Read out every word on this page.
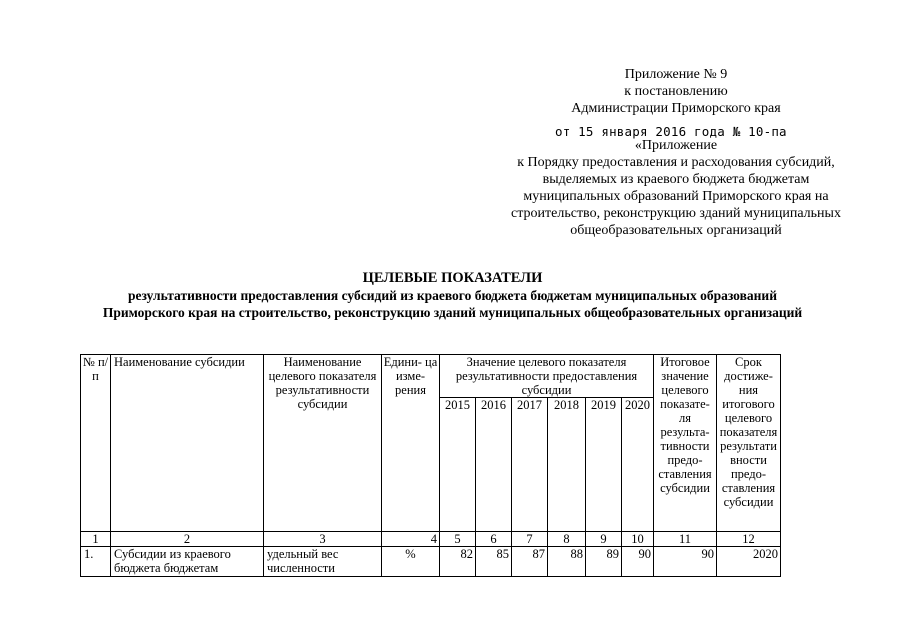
Приложение № 9
к постановлению
Администрации Приморского края
от 15 января 2016 года № 10-па
«Приложение
к Порядку предоставления и расходования субсидий,
выделяемых из краевого бюджета бюджетам
муниципальных образований Приморского края на
строительство, реконструкцию зданий муниципальных
общеобразовательных организаций
ЦЕЛЕВЫЕ ПОКАЗАТЕЛИ
результативности предоставления субсидий из краевого бюджета бюджетам муниципальных образований
Приморского края на строительство, реконструкцию зданий муниципальных общеобразовательных организаций
№ п/п	Наименование субсидии	Наименование целевого показателя результативности субсидии	Едини- ца изме- рения	Значение целевого показателя результативности предоставления субсидии						Итоговое значение целевого показате- ля результа- тивности предо- ставления субсидии	Срок достиже- ния итогового целевого показателя результати вности предо- ставления субсидии
				2015	2016	2017	2018	2019	2020		
1	2	3	4	5	6	7	8	9	10	11	12
1.	Субсидии из краевого бюджета бюджетам	удельный вес численности	%	82	85	87	88	89	90	90	2020
